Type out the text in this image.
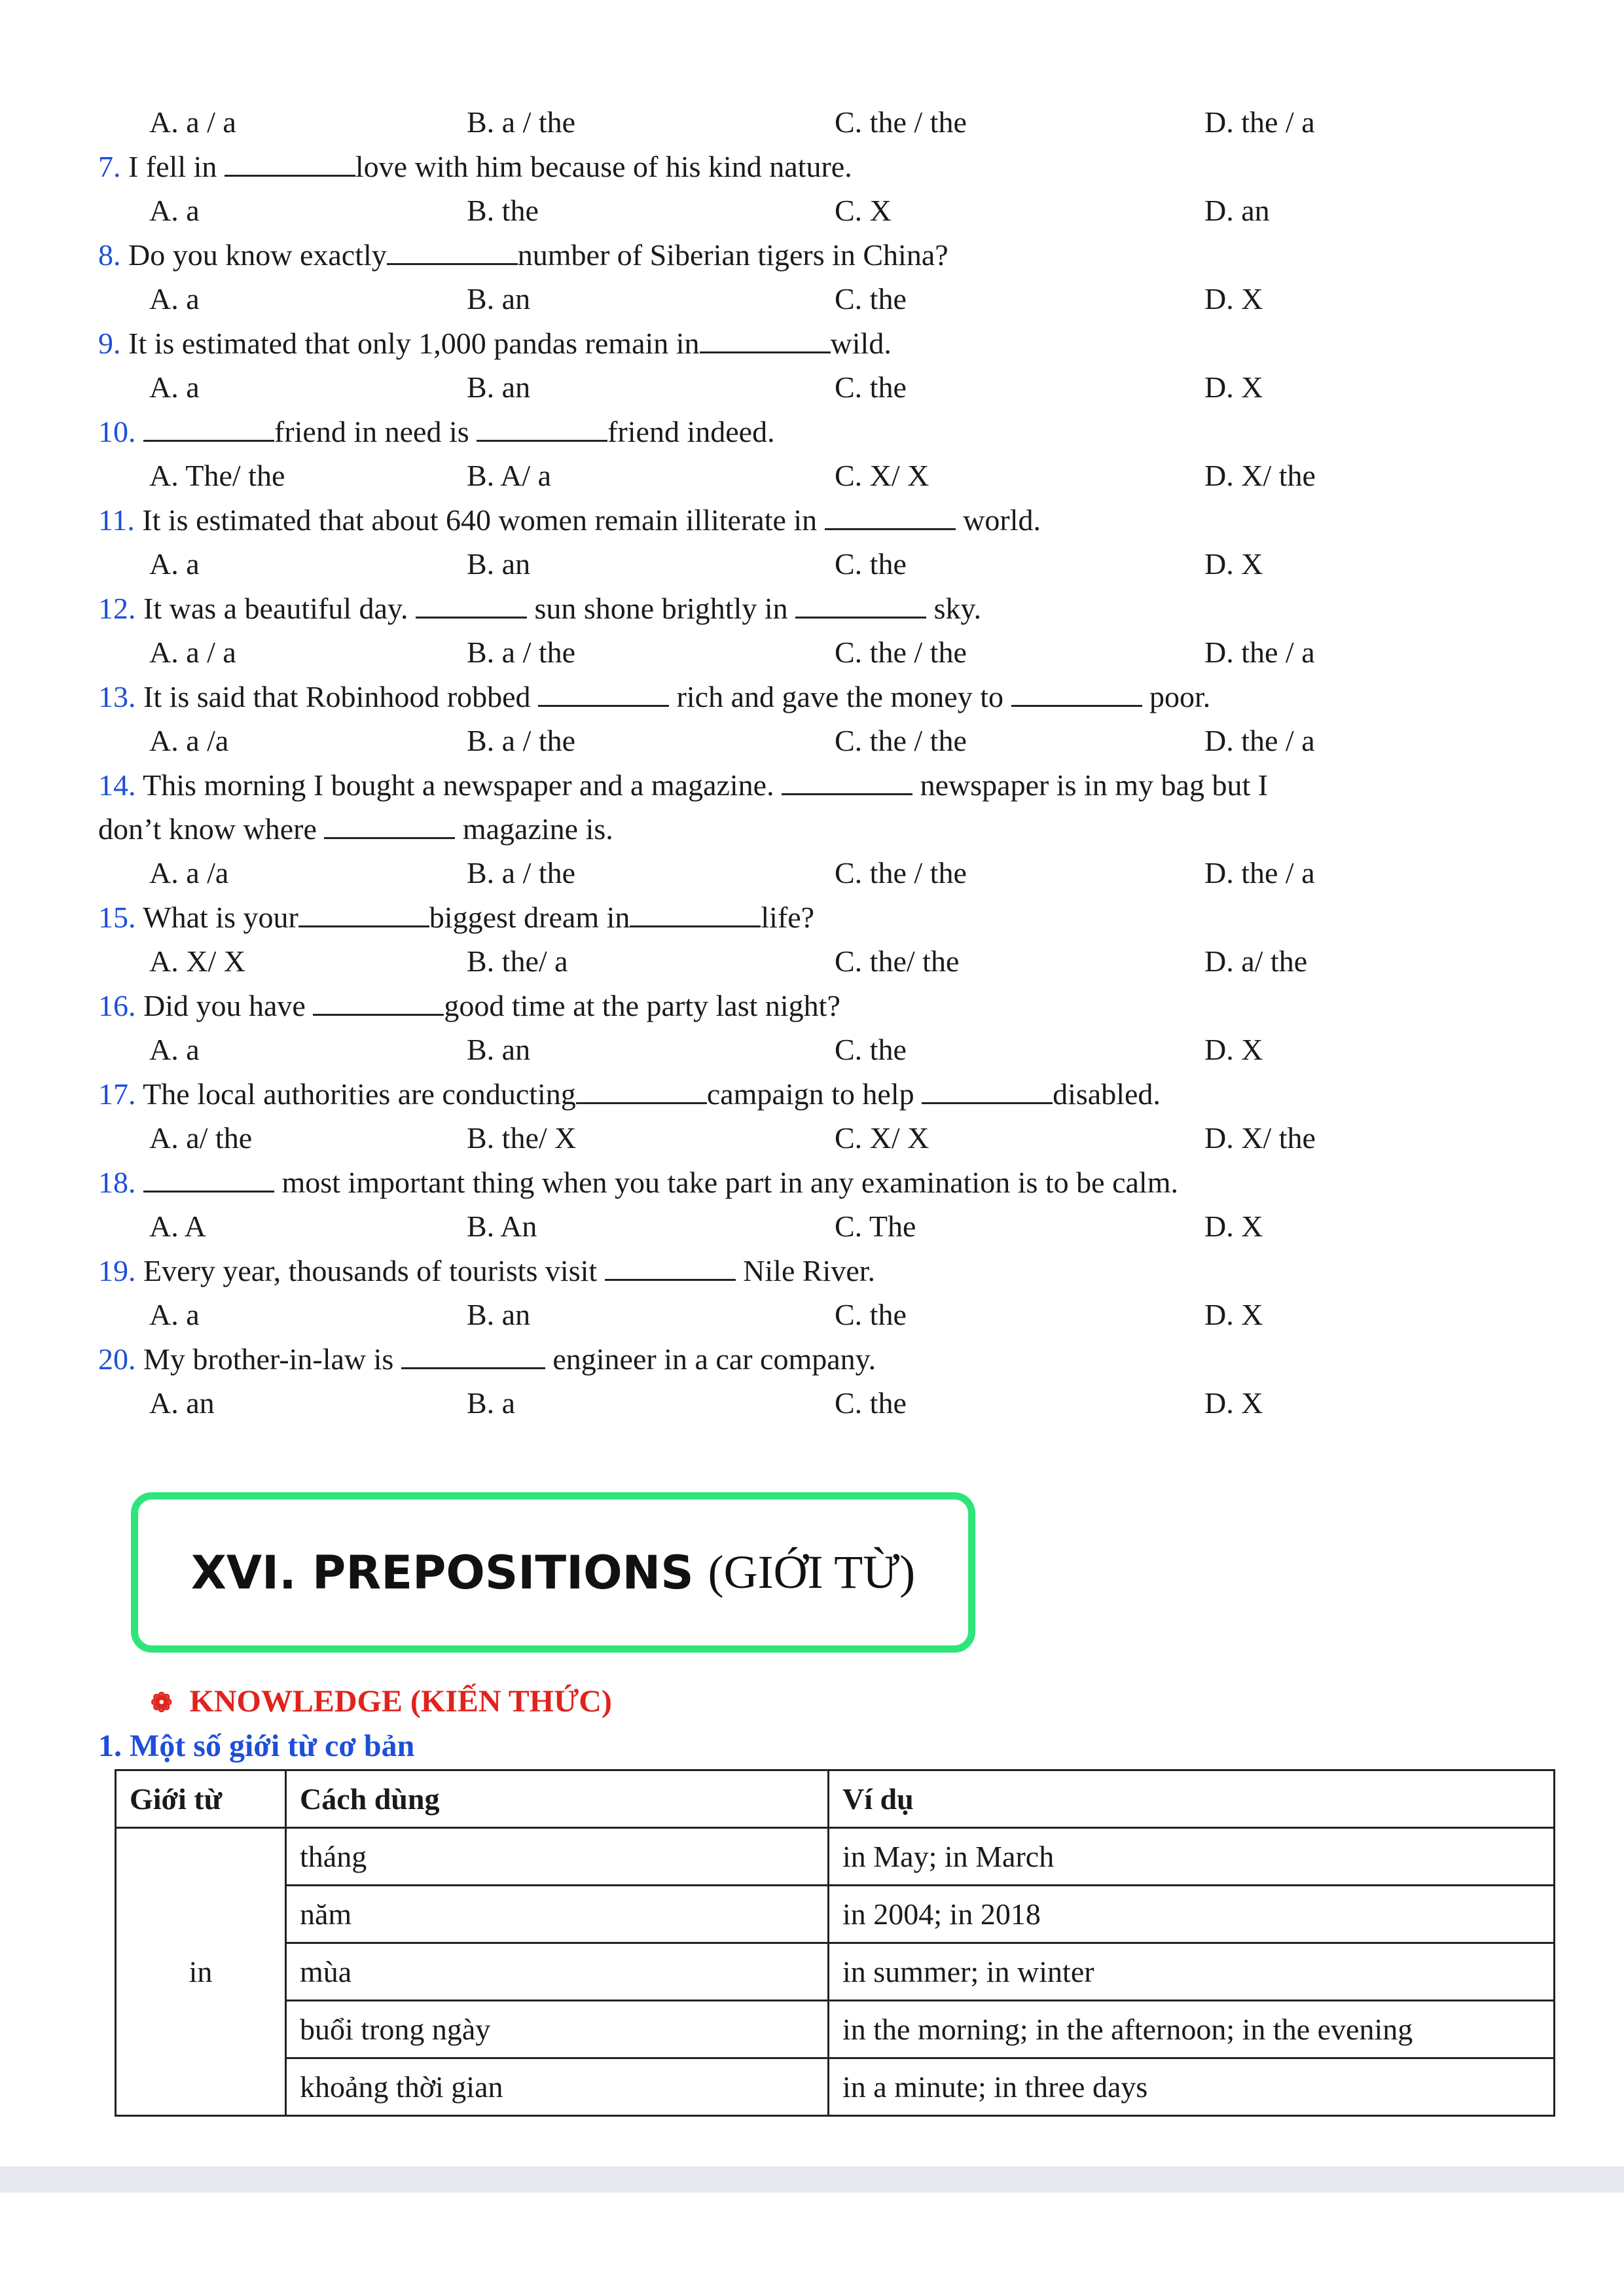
A. a / a	B. a / the	C. the / the	D. the / a
7. I fell in	love with him because of his kind nature.
A. a	B. the	C. X	D. an
8. Do you know exactly	number of Siberian tigers in China?
A. a	B. an	C. the	D. X
9. It is estimated that only 1,000 pandas remain in	wild.
A. a	B. an	C. the	D. X
10.	friend in need is	friend indeed.
A. The/ the	B. A/ a	C. X/ X	D. X/ the
11. It is estimated that about 640 women remain illiterate in	world.
A. a	B. an	C. the	D. X
12. It was a beautiful day.	sun shone brightly in	sky.
A. a / a	B. a / the	C. the / the	D. the / a
13. It is said that Robinhood robbed	rich and gave the money to	poor.
A. a /a	B. a / the	C. the / the	D. the / a
14. This morning I bought a newspaper and a magazine.	newspaper is in my bag but I
don’t know where	magazine is.
A. a /a	B. a / the	C. the / the	D. the / a
15. What is your	biggest dream in	life?
A. X/ X	B. the/ a	C. the/ the	D. a/ the
16. Did you have	good time at the party last night?
A. a	B. an	C. the	D. X
17. The local authorities are conducting	campaign to help	disabled.
A. a/ the	B. the/ X	C. X/ X	D. X/ the
18.	most important thing when you take part in any examination is to be calm.
A. A	B. An	C. The	D. X
19. Every year, thousands of tourists visit	Nile River.
A. a	B. an	C. the	D. X
20. My brother-in-law is	engineer in a car company.
A. an	B. a	C. the	D. X
XVI. PREPOSITIONS (GIỚI TỪ)
❁ KNOWLEDGE (KIẾN THỨC)
1. Một số giới từ cơ bản
Giới từ	Cách dùng	Ví dụ
in	tháng	in May; in March
	năm	in 2004; in 2018
	mùa	in summer; in winter
	buổi trong ngày	in the morning; in the afternoon; in the evening
	khoảng thời gian	in a minute; in three days
